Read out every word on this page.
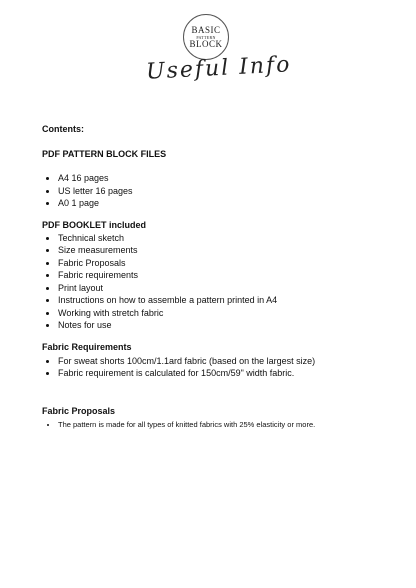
BASIC
PATTERN
BLOCK
Useful Info

Contents:

PDF PATTERN BLOCK FILES

• A4 16 pages
• US letter 16 pages
• A0 1 page

PDF BOOKLET included

• Technical sketch
• Size measurements
• Fabric Proposals
• Fabric requirements
• Print layout
• Instructions on how to assemble a pattern printed in A4
• Working with stretch fabric
• Notes for use

Fabric Requirements

• For sweat shorts 100cm/1.1ard fabric (based on the largest size)
• Fabric requirement is calculated for 150cm/59" width fabric.

Fabric Proposals

• The pattern is made for all types of knitted fabrics with 25% elasticity or more.
